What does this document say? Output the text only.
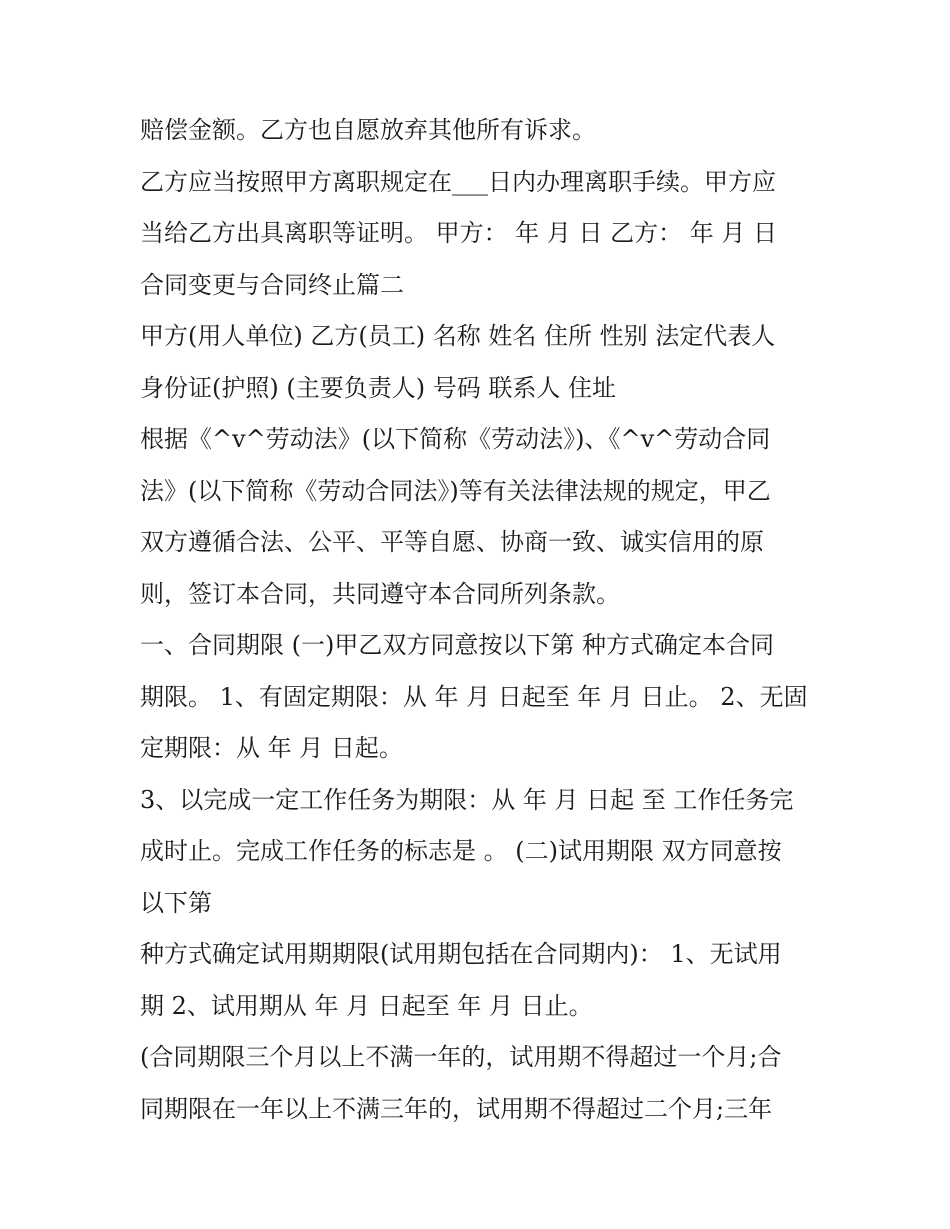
赔偿金额。乙方也自愿放弃其他所有诉求。
乙方应当按照甲方离职规定在___日内办理离职手续。甲方应
当给乙方出具离职等证明。 甲方： 年 月 日 乙方： 年 月 日
合同变更与合同终止篇二
甲方(用人单位) 乙方(员工) 名称 姓名 住所 性别 法定代表人
身份证(护照) (主要负责人) 号码 联系人 住址
根据《^v^劳动法》(以下简称《劳动法》)、《^v^劳动合同
法》(以下简称《劳动合同法》)等有关法律法规的规定，甲乙
双方遵循合法、公平、平等自愿、协商一致、诚实信用的原
则，签订本合同，共同遵守本合同所列条款。
一、合同期限 (一)甲乙双方同意按以下第 种方式确定本合同
期限。 1、有固定期限：从 年 月 日起至 年 月 日止。 2、无固
定期限：从 年 月 日起。
3、以完成一定工作任务为期限：从 年 月 日起 至 工作任务完
成时止。完成工作任务的标志是 。 (二)试用期限 双方同意按
以下第
种方式确定试用期期限(试用期包括在合同期内)： 1、无试用
期 2、试用期从 年 月 日起至 年 月 日止。
(合同期限三个月以上不满一年的，试用期不得超过一个月;合
同期限在一年以上不满三年的，试用期不得超过二个月;三年
